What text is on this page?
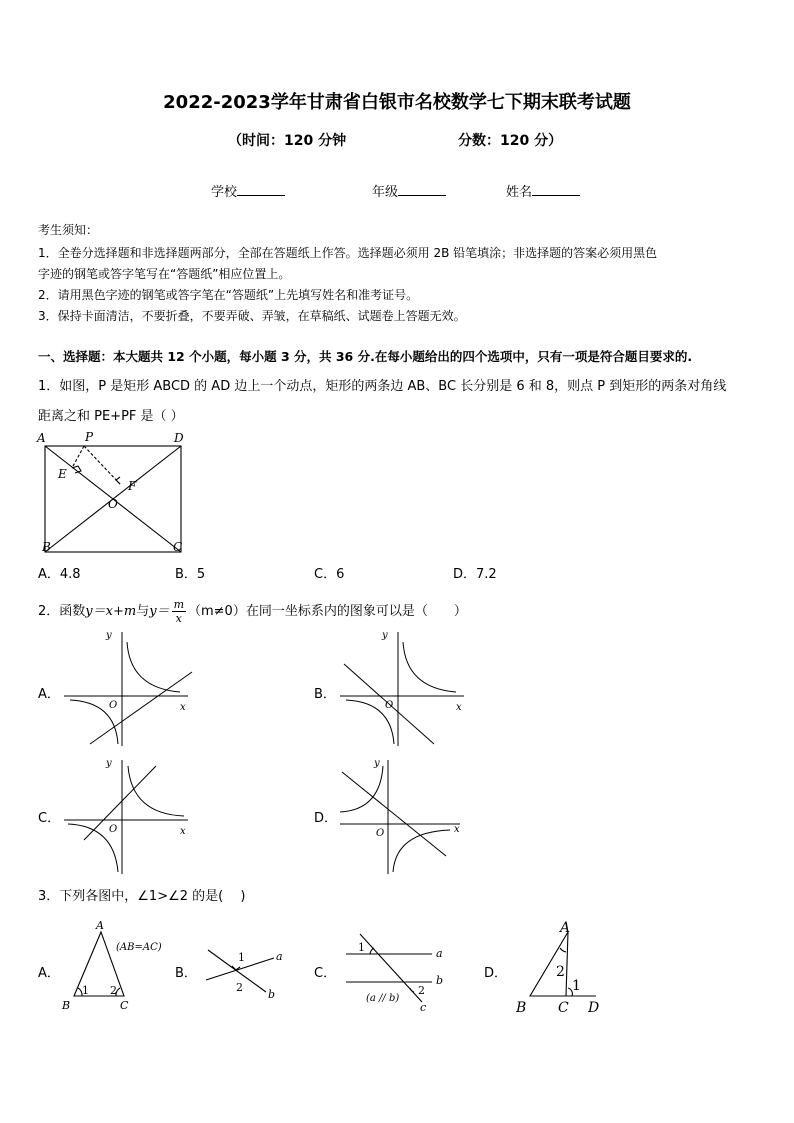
2022-2023学年甘肃省白银市名校数学七下期末联考试题
（时间：120 分钟	分数：120 分）
学校	年级	姓名
考生须知：
1．全卷分选择题和非选择题两部分，全部在答题纸上作答。选择题必须用 2B 铅笔填涂；非选择题的答案必须用黑色
字迹的钢笔或答字笔写在“答题纸”相应位置上。
2．请用黑色字迹的钢笔或答字笔在“答题纸”上先填写姓名和准考证号。
3．保持卡面清洁，不要折叠，不要弄破、弄皱，在草稿纸、试题卷上答题无效。
一、选择题：本大题共 12 个小题，每小题 3 分，共 36 分.在每小题给出的四个选项中，只有一项是符合题目要求的.
1．如图，P 是矩形 ABCD 的 AD 边上一个动点，矩形的两条边 AB、BC 长分别是 6 和 8，则点 P 到矩形的两条对角线
距离之和 PE+PF 是（ ）
A	P	D
E
F
O
B	C
A．4.8	B．5	C．6	D．7.2
2．函数y＝x+m与$y= \frac{m}{x} (m\ne 0)$在同一坐标系内的图象可以是（　　）
A．
y
x
O
B．
y
x
O
C．
y
x
O
D．
y
x
O
3．下列各图中，∠1>∠2 的是(　 )
A．
A
(AB=AC)
1 2
B	C
B．
1
2
a
b
C．
1
2
a
b
c
(a // b)
D．
A
2
1
B C D
